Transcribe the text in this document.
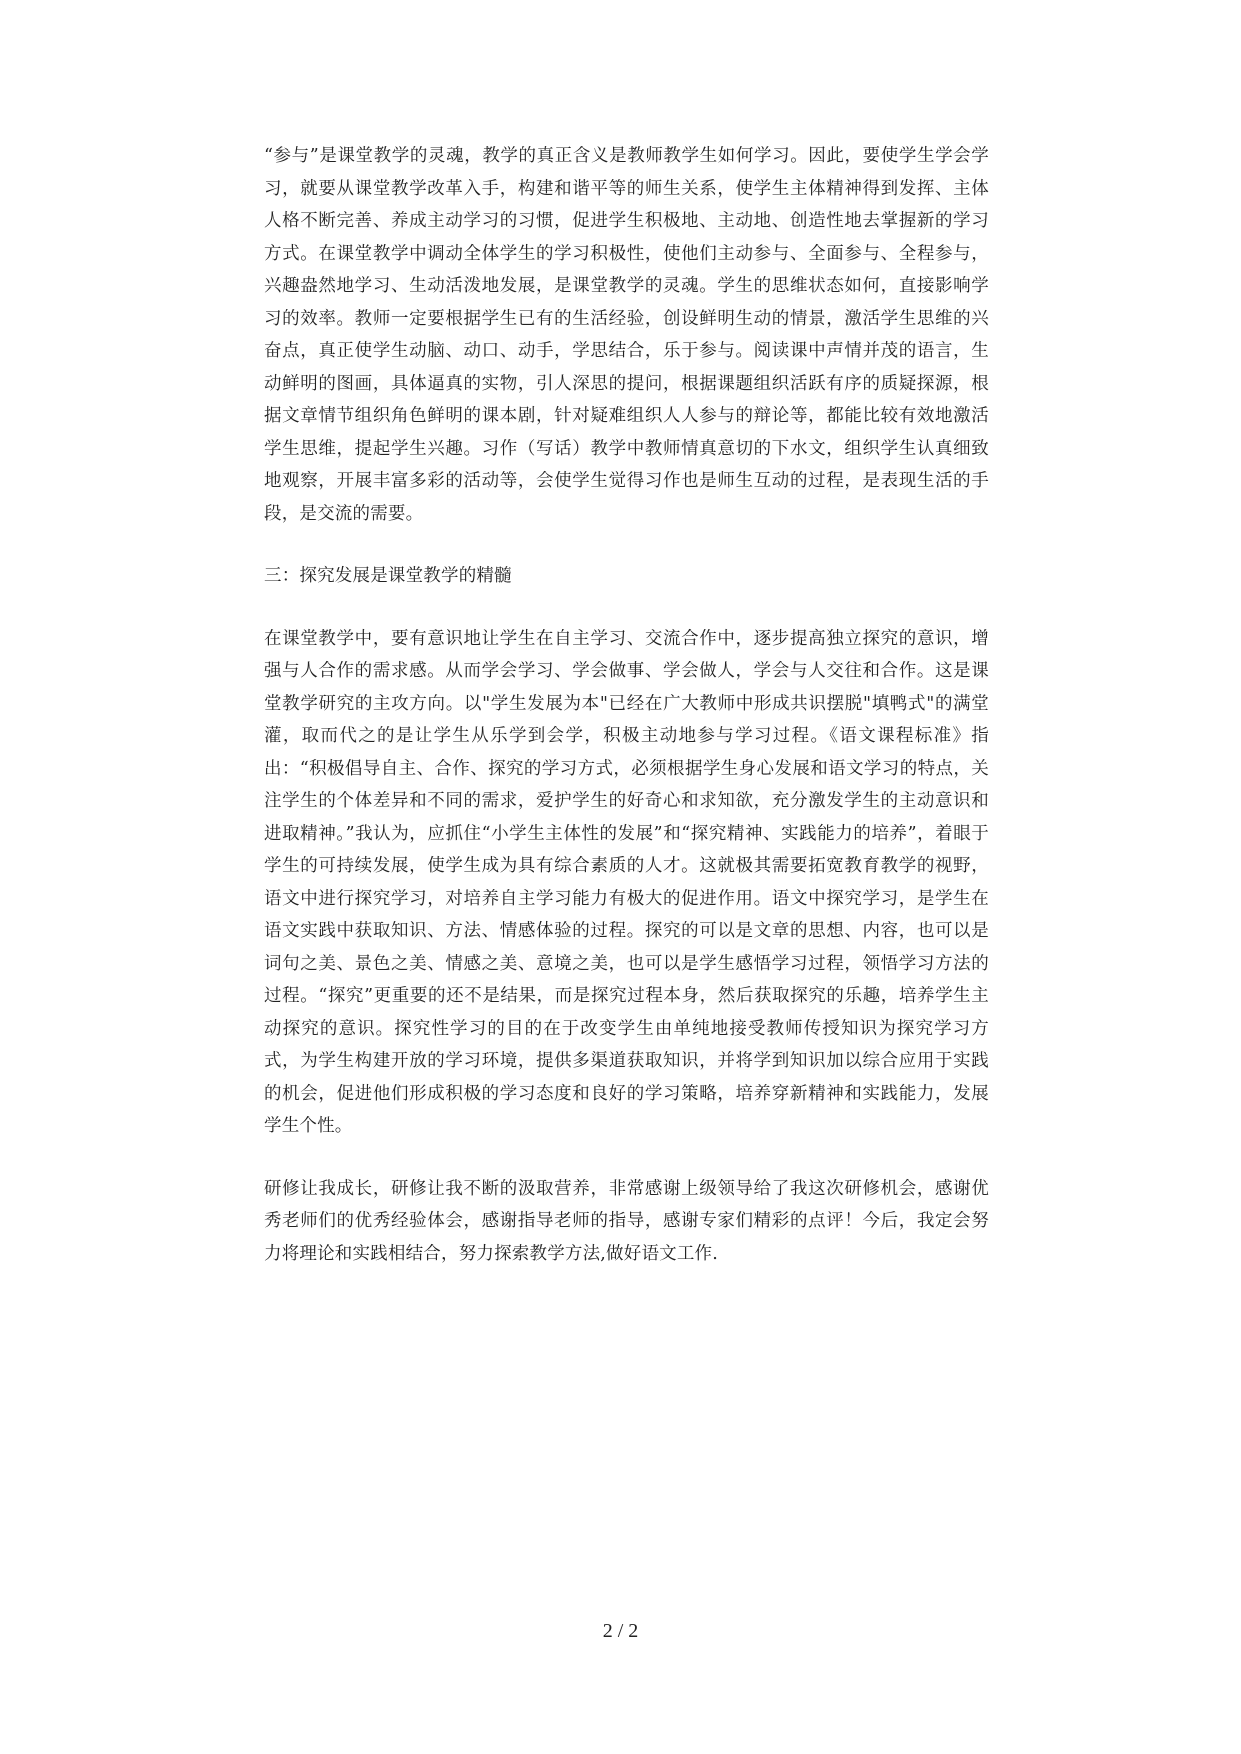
“参与”是课堂教学的灵魂，教学的真正含义是教师教学生如何学习。因此，要使学生学会学习，就要从课堂教学改革入手，构建和谐平等的师生关系，使学生主体精神得到发挥、主体人格不断完善、养成主动学习的习惯，促进学生积极地、主动地、创造性地去掌握新的学习方式。在课堂教学中调动全体学生的学习积极性，使他们主动参与、全面参与、全程参与，兴趣盎然地学习、生动活泼地发展，是课堂教学的灵魂。学生的思维状态如何，直接影响学习的效率。教师一定要根据学生已有的生活经验，创设鲜明生动的情景，激活学生思维的兴奋点，真正使学生动脑、动口、动手，学思结合，乐于参与。阅读课中声情并茂的语言，生动鲜明的图画，具体逼真的实物，引人深思的提问，根据课题组织活跃有序的质疑探源，根据文章情节组织角色鲜明的课本剧，针对疑难组织人人参与的辩论等，都能比较有效地激活学生思维，提起学生兴趣。习作（写话）教学中教师情真意切的下水文，组织学生认真细致地观察，开展丰富多彩的活动等，会使学生觉得习作也是师生互动的过程，是表现生活的手段，是交流的需要。

三：探究发展是课堂教学的精髓

在课堂教学中，要有意识地让学生在自主学习、交流合作中，逐步提高独立探究的意识，增强与人合作的需求感。从而学会学习、学会做事、学会做人，学会与人交往和合作。这是课堂教学研究的主攻方向。以"学生发展为本"已经在广大教师中形成共识摆脱"填鸭式"的满堂灌，取而代之的是让学生从乐学到会学，积极主动地参与学习过程。《语文课程标准》指出：“积极倡导自主、合作、探究的学习方式，必须根据学生身心发展和语文学习的特点，关注学生的个体差异和不同的需求，爱护学生的好奇心和求知欲，充分激发学生的主动意识和进取精神。”我认为，应抓住“小学生主体性的发展”和“探究精神、实践能力的培养”，着眼于学生的可持续发展，使学生成为具有综合素质的人才。这就极其需要拓宽教育教学的视野， 语文中进行探究学习，对培养自主学习能力有极大的促进作用。语文中探究学习，是学生在语文实践中获取知识、方法、情感体验的过程。探究的可以是文章的思想、内容，也可以是词句之美、景色之美、情感之美、意境之美，也可以是学生感悟学习过程，领悟学习方法的过程。“探究”更重要的还不是结果，而是探究过程本身，然后获取探究的乐趣，培养学生主动探究的意识。探究性学习的目的在于改变学生由单纯地接受教师传授知识为探究学习方式，为学生构建开放的学习环境，提供多渠道获取知识，并将学到知识加以综合应用于实践的机会，促进他们形成积极的学习态度和良好的学习策略，培养穿新精神和实践能力，发展学生个性。

研修让我成长，研修让我不断的汲取营养，非常感谢上级领导给了我这次研修机会，感谢优秀老师们的优秀经验体会，感谢指导老师的指导，感谢专家们精彩的点评！今后，我定会努力将理论和实践相结合，努力探索教学方法,做好语文工作.

2 / 2
